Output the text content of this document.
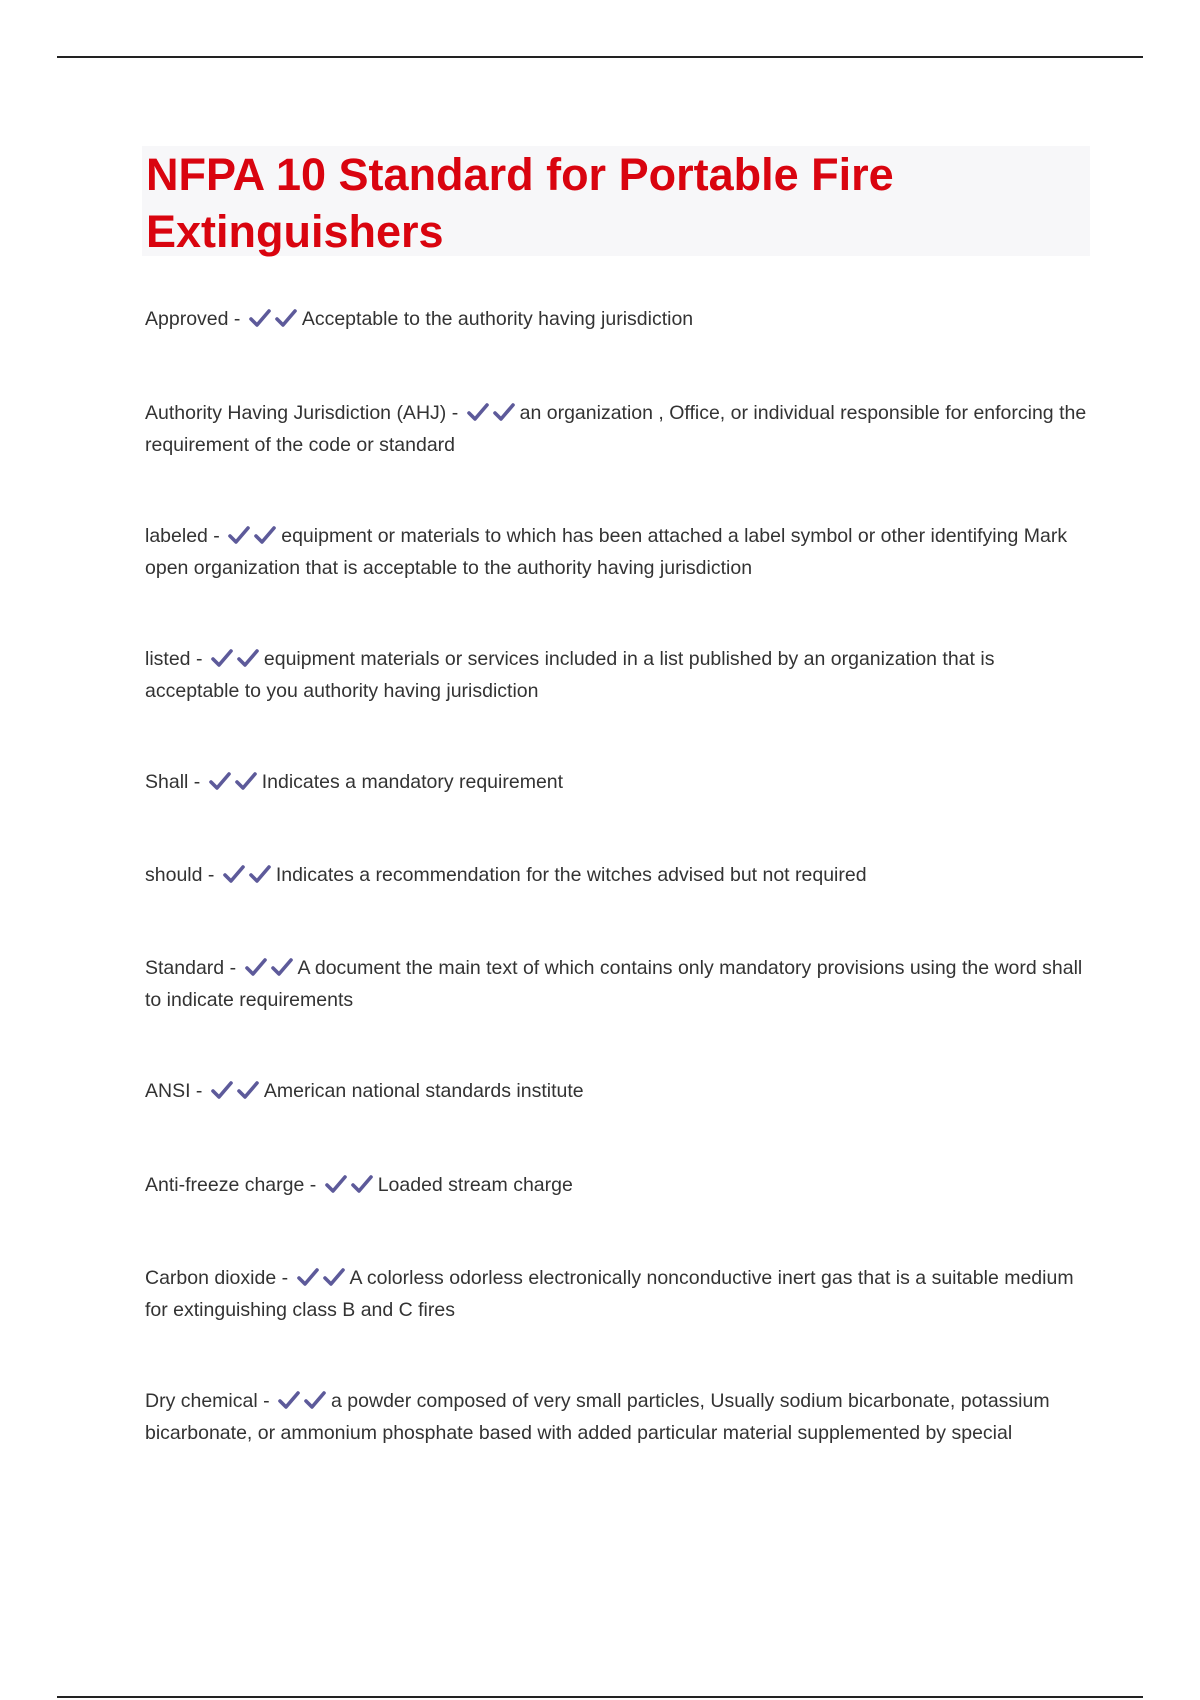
NFPA 10 Standard for Portable Fire Extinguishers
Approved -	Acceptable to the authority having jurisdiction
Authority Having Jurisdiction (AHJ) -	an organization , Office, or individual responsible for enforcing the requirement of the code or standard
labeled -	equipment or materials to which has been attached a label symbol or other identifying Mark open organization that is acceptable to the authority having jurisdiction
listed -	equipment materials or services included in a list published by an organization that is acceptable to you authority having jurisdiction
Shall -	Indicates a mandatory requirement
should -	Indicates a recommendation for the witches advised but not required
Standard -	A document the main text of which contains only mandatory provisions using the word shall to indicate requirements
ANSI -	American national standards institute
Anti-freeze charge -	Loaded stream charge
Carbon dioxide -	A colorless odorless electronically nonconductive inert gas that is a suitable medium for extinguishing class B and C fires
Dry chemical -	a powder composed of very small particles, Usually sodium bicarbonate, potassium bicarbonate, or ammonium phosphate based with added particular material supplemented by special
